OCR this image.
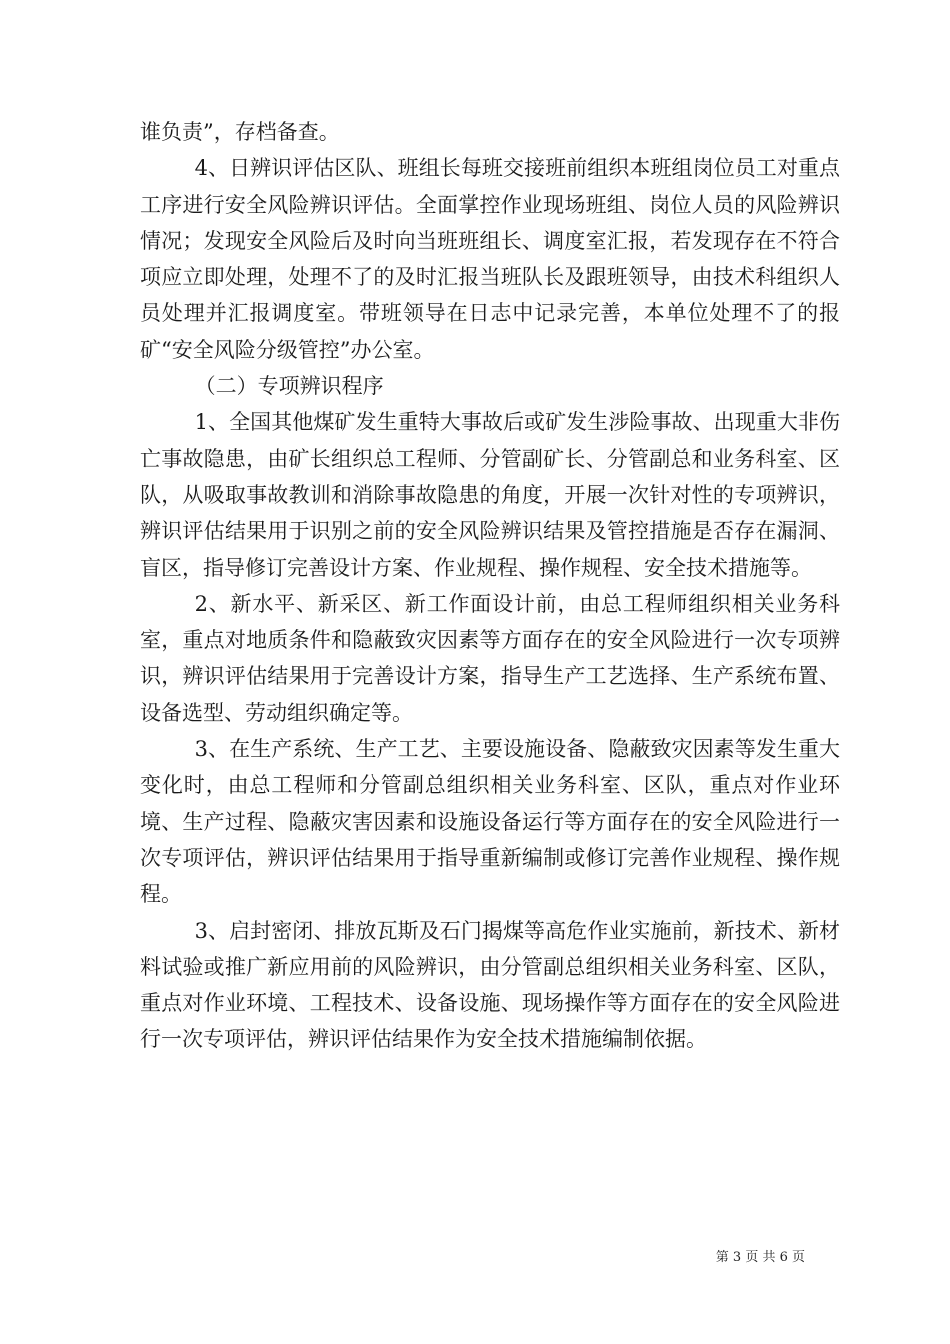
谁负责”，存档备查。

4、日辨识评估区队、班组长每班交接班前组织本班组岗位员工对重点工序进行安全风险辨识评估。全面掌控作业现场班组、岗位人员的风险辨识情况；发现安全风险后及时向当班班组长、调度室汇报，若发现存在不符合项应立即处理，处理不了的及时汇报当班队长及跟班领导，由技术科组织人员处理并汇报调度室。带班领导在日志中记录完善，本单位处理不了的报矿“安全风险分级管控”办公室。

（二）专项辨识程序

1、全国其他煤矿发生重特大事故后或矿发生涉险事故、出现重大非伤亡事故隐患，由矿长组织总工程师、分管副矿长、分管副总和业务科室、区队，从吸取事故教训和消除事故隐患的角度，开展一次针对性的专项辨识，辨识评估结果用于识别之前的安全风险辨识结果及管控措施是否存在漏洞、盲区，指导修订完善设计方案、作业规程、操作规程、安全技术措施等。

2、新水平、新采区、新工作面设计前，由总工程师组织相关业务科室，重点对地质条件和隐蔽致灾因素等方面存在的安全风险进行一次专项辨识，辨识评估结果用于完善设计方案，指导生产工艺选择、生产系统布置、设备选型、劳动组织确定等。

3、在生产系统、生产工艺、主要设施设备、隐蔽致灾因素等发生重大变化时，由总工程师和分管副总组织相关业务科室、区队，重点对作业环境、生产过程、隐蔽灾害因素和设施设备运行等方面存在的安全风险进行一次专项评估，辨识评估结果用于指导重新编制或修订完善作业规程、操作规程。

3、启封密闭、排放瓦斯及石门揭煤等高危作业实施前，新技术、新材料试验或推广新应用前的风险辨识，由分管副总组织相关业务科室、区队，重点对作业环境、工程技术、设备设施、现场操作等方面存在的安全风险进行一次专项评估，辨识评估结果作为安全技术措施编制依据。

第 3 页 共 6 页
